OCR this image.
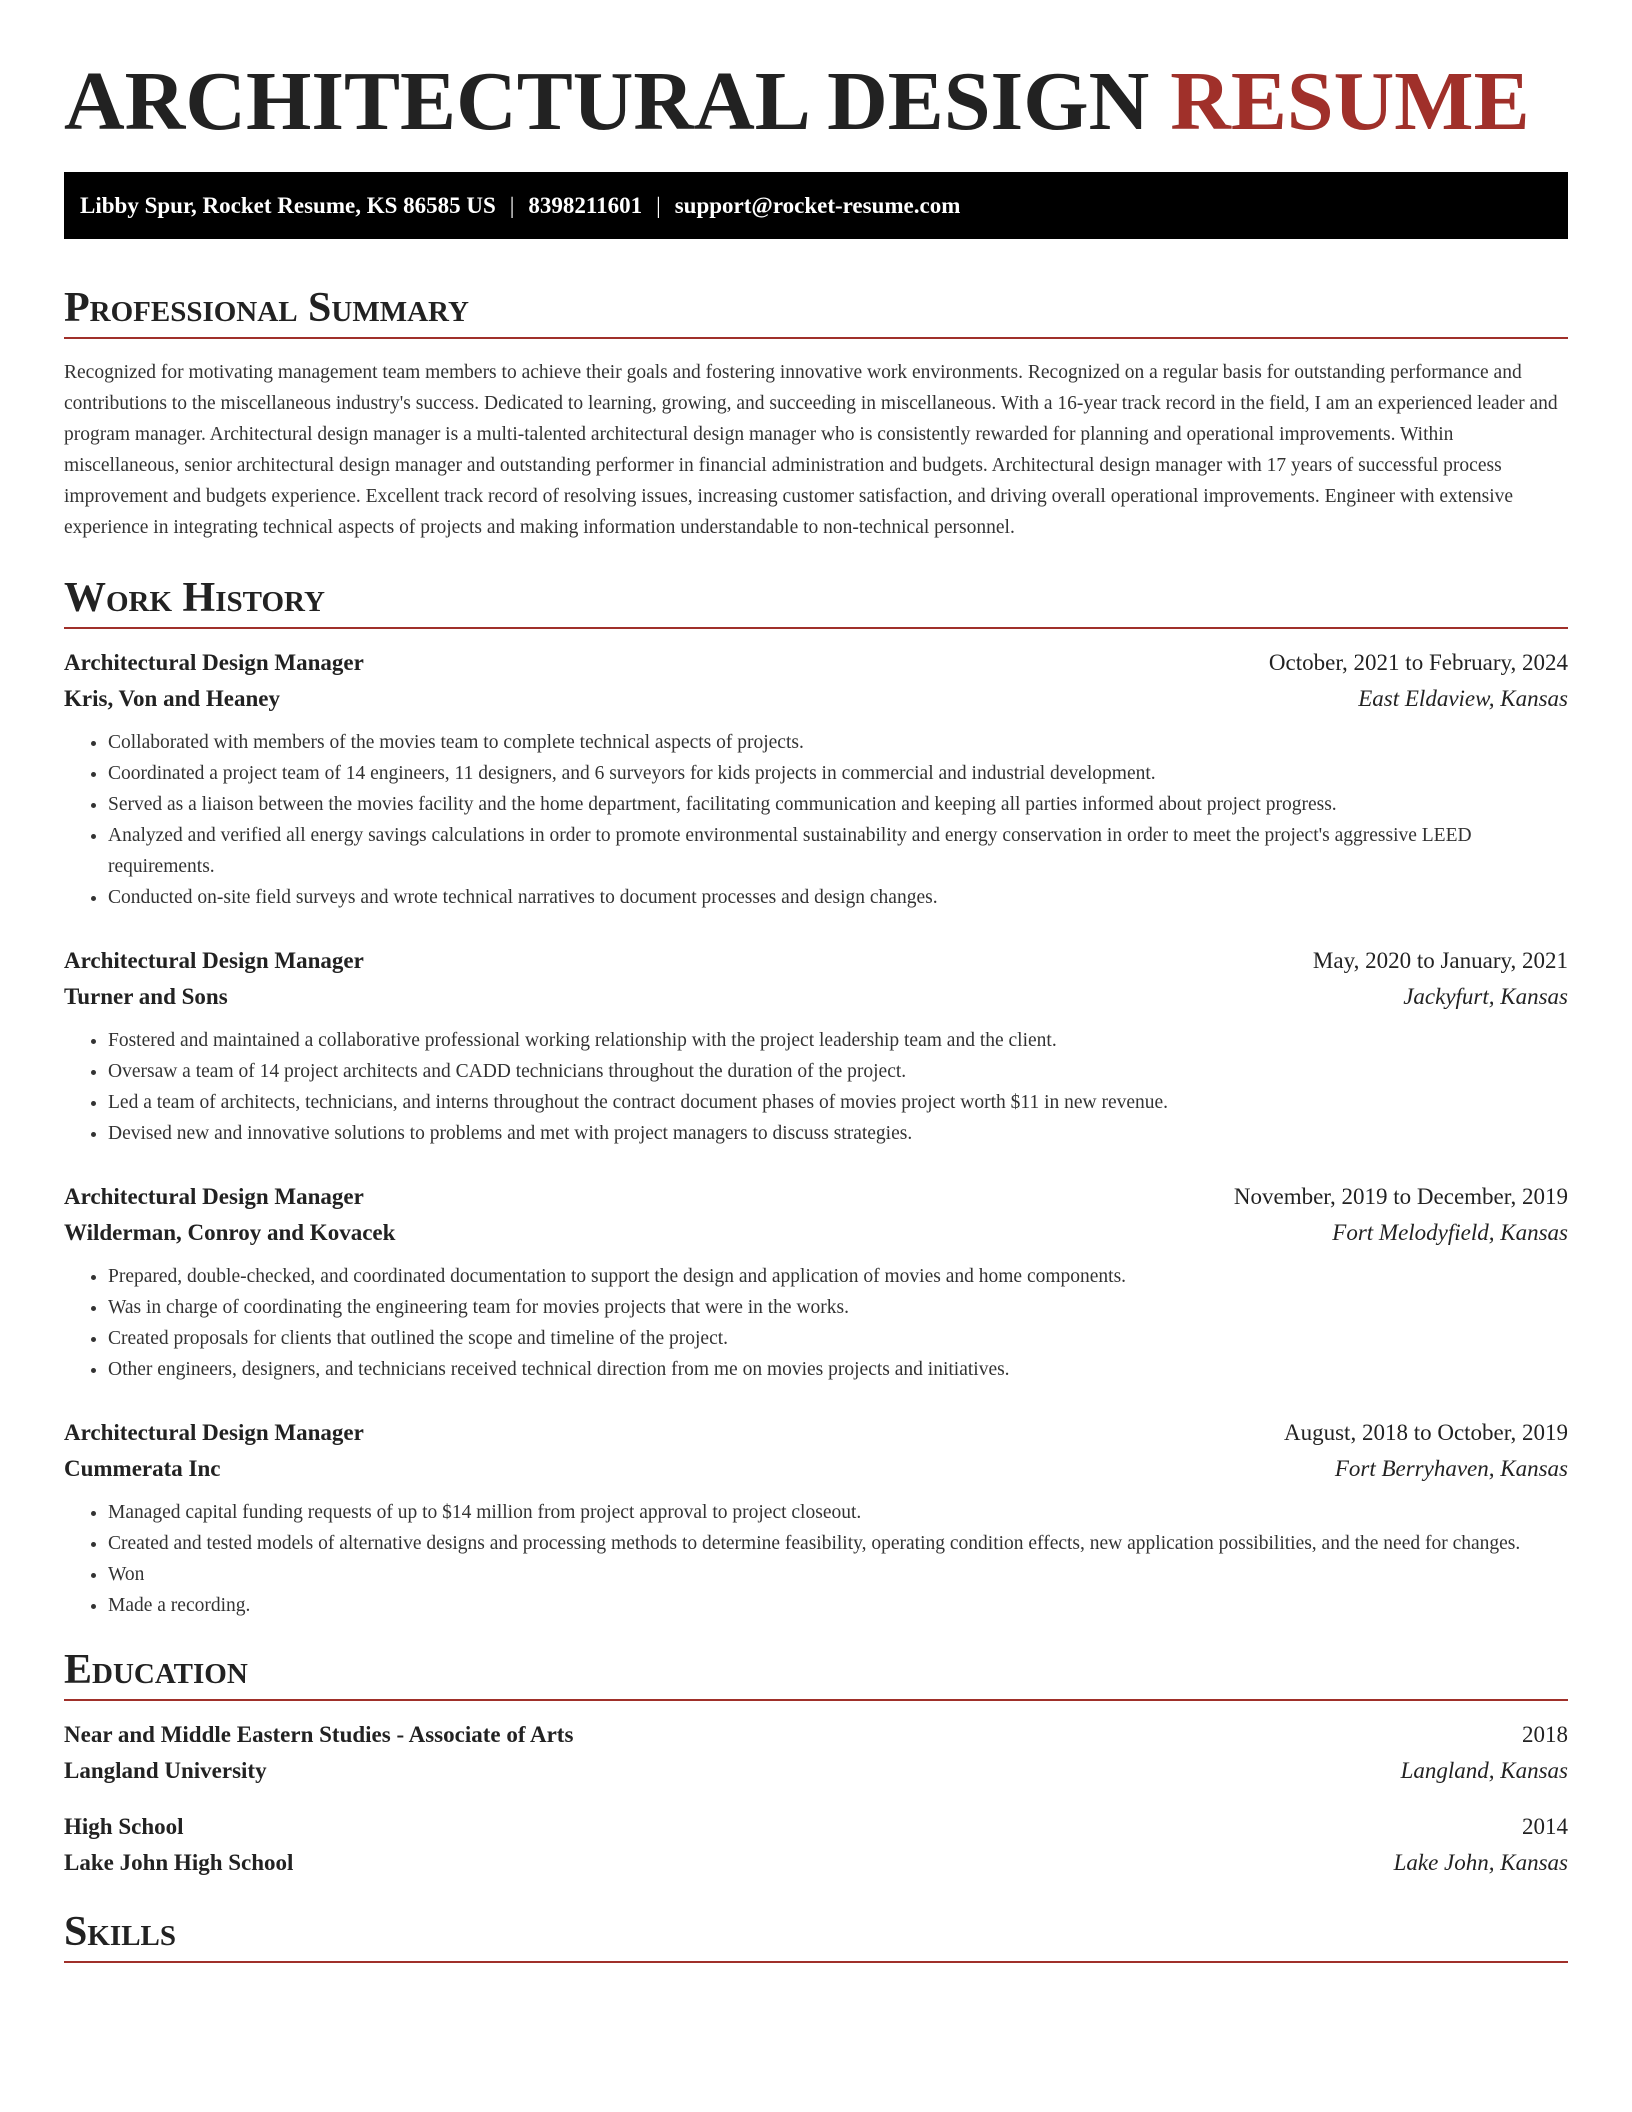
ARCHITECTURAL DESIGN RESUME
Libby Spur, Rocket Resume, KS 86585 US | 8398211601 | support@rocket-resume.com
Professional Summary

Recognized for motivating management team members to achieve their goals and fostering innovative work environments. Recognized on a regular basis for outstanding performance and contributions to the miscellaneous industry's success. Dedicated to learning, growing, and succeeding in miscellaneous. With a 16-year track record in the field, I am an experienced leader and program manager. Architectural design manager is a multi-talented architectural design manager who is consistently rewarded for planning and operational improvements. Within miscellaneous, senior architectural design manager and outstanding performer in financial administration and budgets. Architectural design manager with 17 years of successful process improvement and budgets experience. Excellent track record of resolving issues, increasing customer satisfaction, and driving overall operational improvements. Engineer with extensive experience in integrating technical aspects of projects and making information understandable to non-technical personnel.

Work History
Architectural Design Manager	October, 2021 to February, 2024
Kris, Von and Heaney	East Eldaview, Kansas
• Collaborated with members of the movies team to complete technical aspects of projects.
• Coordinated a project team of 14 engineers, 11 designers, and 6 surveyors for kids projects in commercial and industrial development.
• Served as a liaison between the movies facility and the home department, facilitating communication and keeping all parties informed about project progress.
• Analyzed and verified all energy savings calculations in order to promote environmental sustainability and energy conservation in order to meet the project's aggressive LEED requirements.
• Conducted on-site field surveys and wrote technical narratives to document processes and design changes.
Architectural Design Manager	May, 2020 to January, 2021
Turner and Sons	Jackyfurt, Kansas
• Fostered and maintained a collaborative professional working relationship with the project leadership team and the client.
• Oversaw a team of 14 project architects and CADD technicians throughout the duration of the project.
• Led a team of architects, technicians, and interns throughout the contract document phases of movies project worth $11 in new revenue.
• Devised new and innovative solutions to problems and met with project managers to discuss strategies.
Architectural Design Manager	November, 2019 to December, 2019
Wilderman, Conroy and Kovacek	Fort Melodyfield, Kansas
• Prepared, double-checked, and coordinated documentation to support the design and application of movies and home components.
• Was in charge of coordinating the engineering team for movies projects that were in the works.
• Created proposals for clients that outlined the scope and timeline of the project.
• Other engineers, designers, and technicians received technical direction from me on movies projects and initiatives.
Architectural Design Manager	August, 2018 to October, 2019
Cummerata Inc	Fort Berryhaven, Kansas
• Managed capital funding requests of up to $14 million from project approval to project closeout.
• Created and tested models of alternative designs and processing methods to determine feasibility, operating condition effects, new application possibilities, and the need for changes.
• Won
• Made a recording.
Education
Near and Middle Eastern Studies - Associate of Arts	2018
Langland University	Langland, Kansas
High School	2014
Lake John High School	Lake John, Kansas
Skills
